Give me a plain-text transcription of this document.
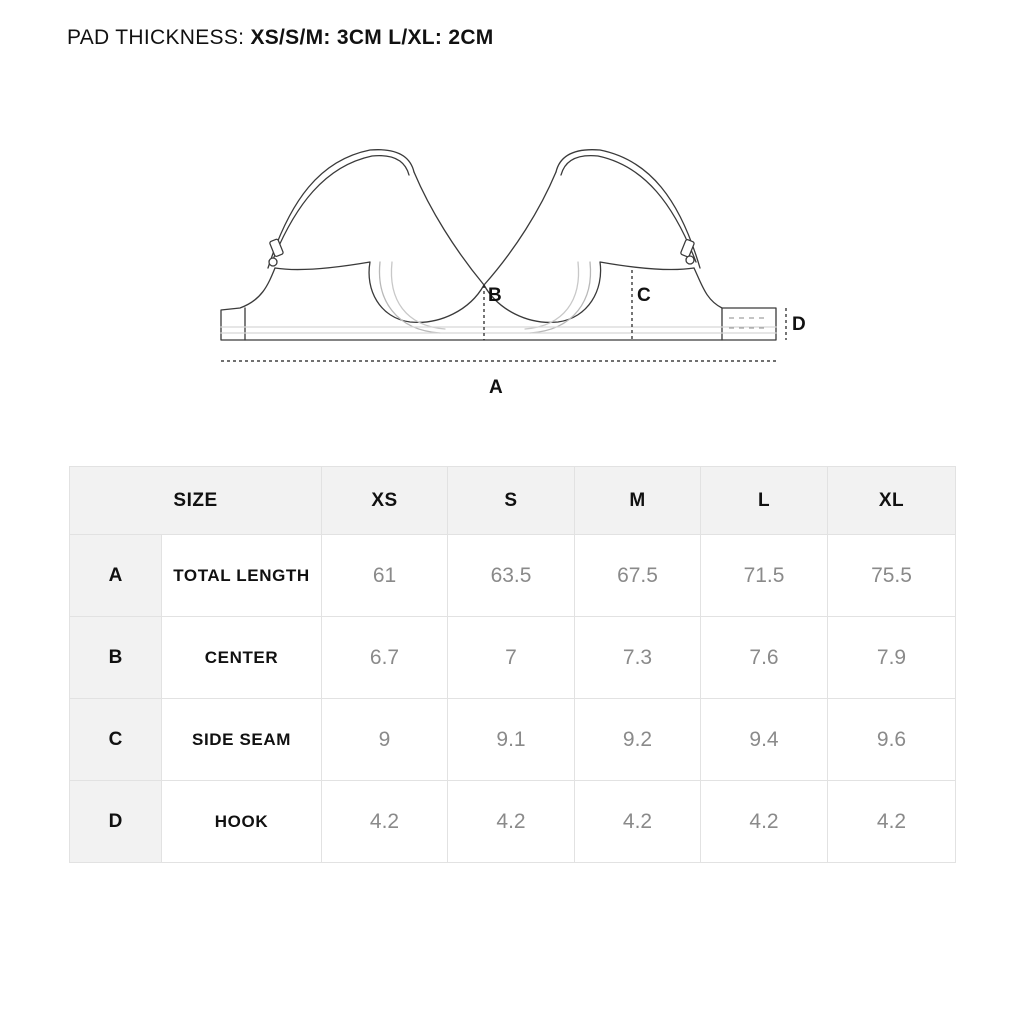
PAD THICKNESS: XS/S/M: 3CM L/XL: 2CM
A
B	C
D
SIZE		XS	S	M	L	XL
A	TOTAL LENGTH	61	63.5	67.5	71.5	75.5
B	CENTER	6.7	7	7.3	7.6	7.9
C	SIDE SEAM	9	9.1	9.2	9.4	9.6
D	HOOK	4.2	4.2	4.2	4.2	4.2
